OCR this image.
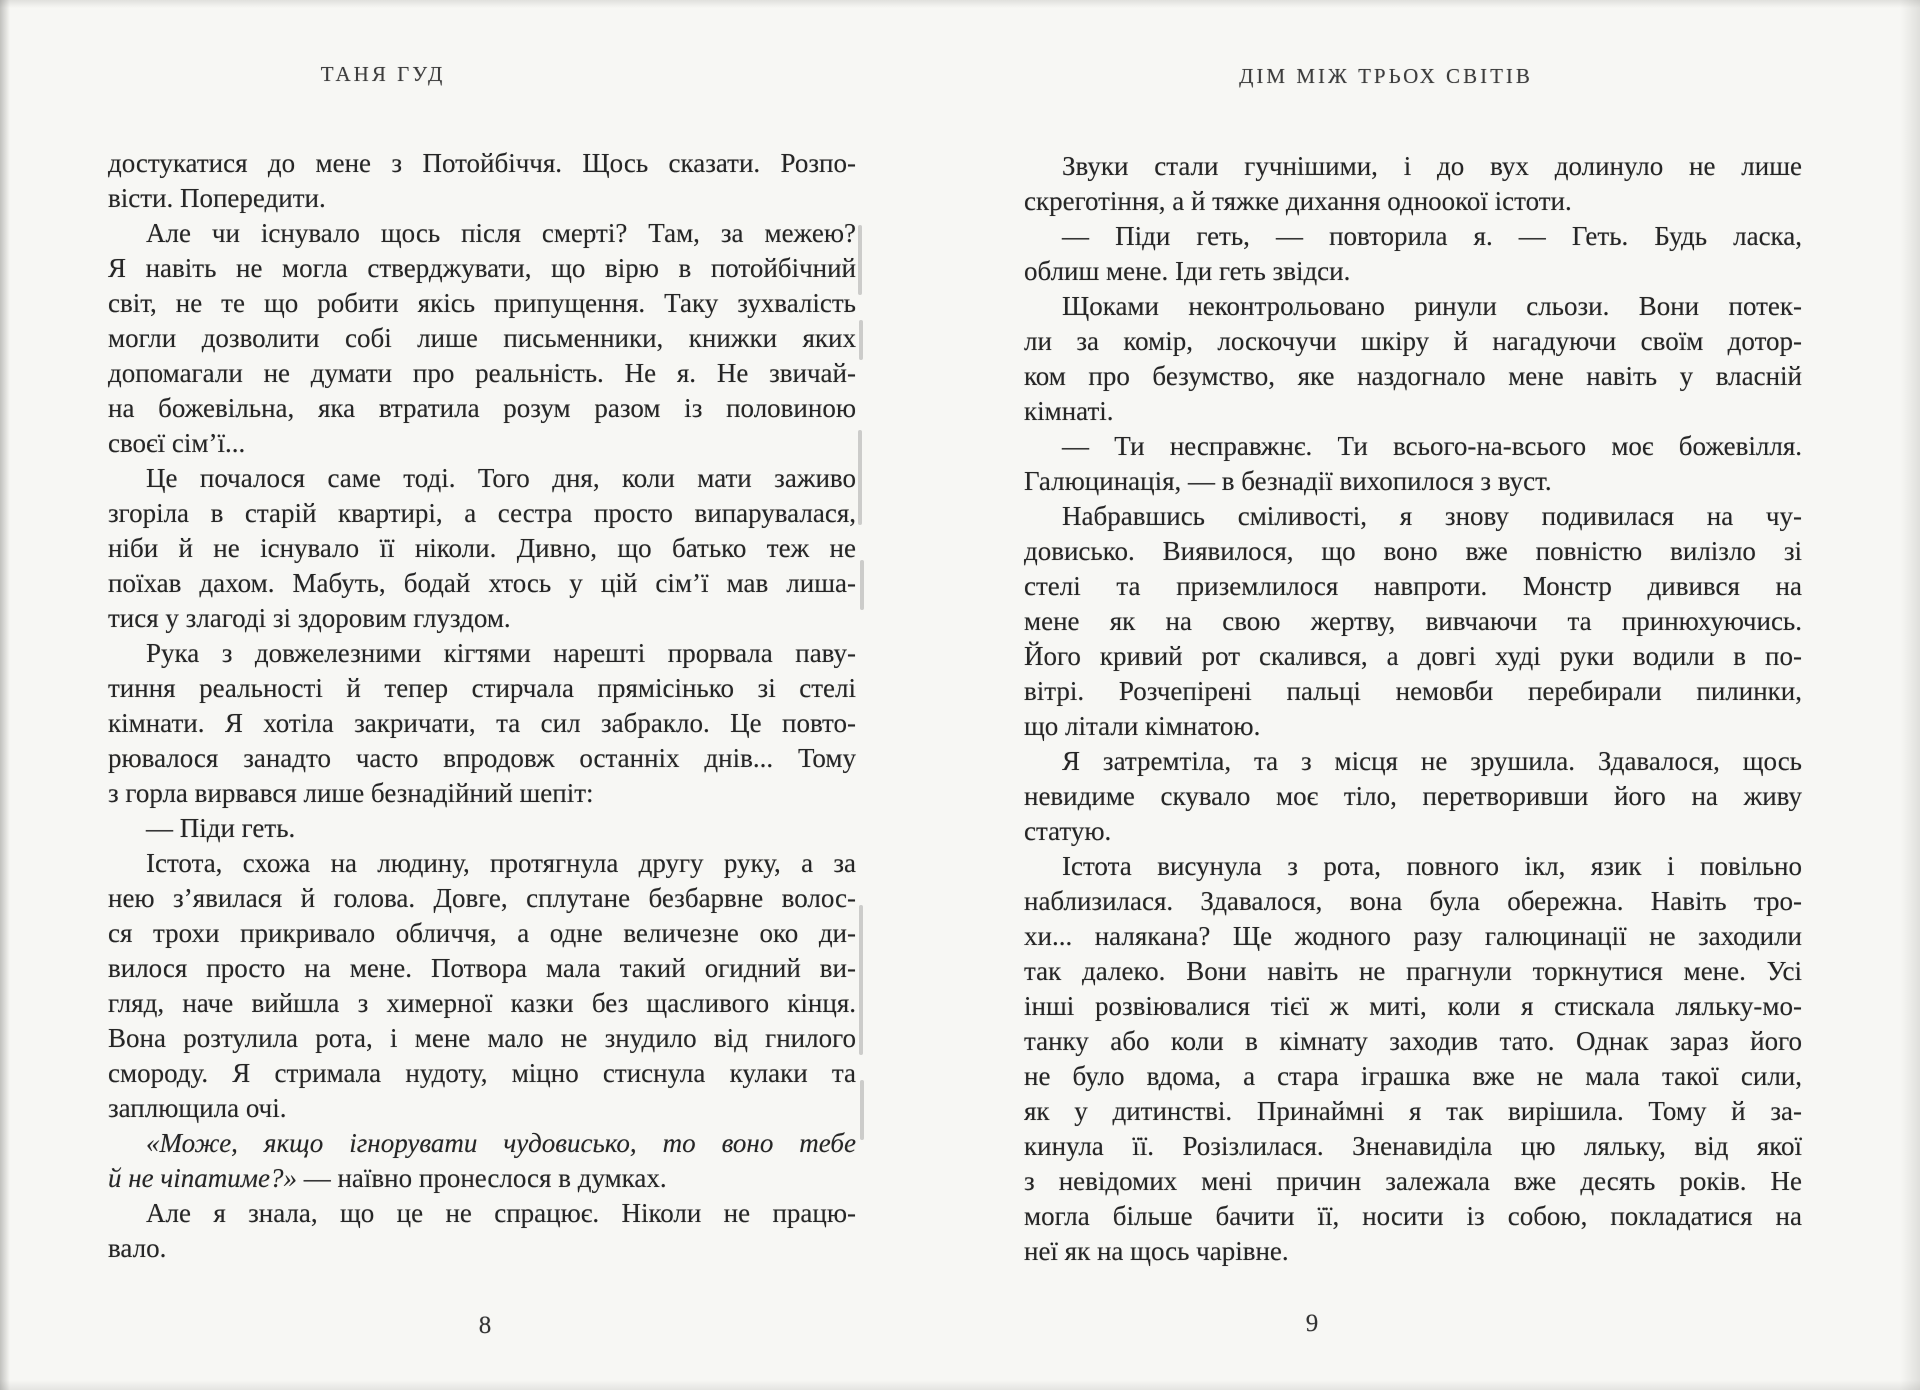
ТАНЯ ГУД
достукатися до мене з Потойбіччя. Щось сказати. Розпо-
вісти. Попередити.
Але чи існувало щось після смерті? Там, за межею?
Я навіть не могла стверджувати, що вірю в потойбічний
світ, не те що робити якісь припущення. Таку зухвалість
могли дозволити собі лише письменники, книжки яких
допомагали не думати про реальність. Не я. Не звичай-
на божевільна, яка втратила розум разом із половиною
своєї сім’ї...
Це почалося саме тоді. Того дня, коли мати заживо
згоріла в старій квартирі, а сестра просто випарувалася,
ніби й не існувало її ніколи. Дивно, що батько теж не
поїхав дахом. Мабуть, бодай хтось у цій сім’ї мав лиша-
тися у злагоді зі здоровим глуздом.
Рука з довжелезними кігтями нарешті прорвала паву-
тиння реальності й тепер стирчала прямісінько зі стелі
кімнати. Я хотіла закричати, та сил забракло. Це повто-
рювалося занадто часто впродовж останніх днів... Тому
з горла вирвався лише безнадійний шепіт:
— Піди геть.
Істота, схожа на людину, протягнула другу руку, а за
нею з’явилася й голова. Довге, сплутане безбарвне волос-
ся трохи прикривало обличчя, а одне величезне око ди-
вилося просто на мене. Потвора мала такий огидний ви-
гляд, наче вийшла з химерної казки без щасливого кінця.
Вона розтулила рота, і мене мало не знудило від гнилого
смороду. Я стримала нудоту, міцно стиснула кулаки та
заплющила очі.
«Може, якщо ігнорувати чудовисько, то воно тебе
й не чіпатиме?» — наївно пронеслося в думках.
Але я знала, що це не спрацює. Ніколи не працю-
вало.
8
ДІМ МІЖ ТРЬОХ СВІТІВ
Звуки стали гучнішими, і до вух долинуло не лише
скреготіння, а й тяжке дихання одноокої істоти.
— Піди геть, — повторила я. — Геть. Будь ласка,
облиш мене. Іди геть звідси.
Щоками неконтрольовано ринули сльози. Вони потек-
ли за комір, лоскочучи шкіру й нагадуючи своїм дотор-
ком про безумство, яке наздогнало мене навіть у власній
кімнаті.
— Ти несправжнє. Ти всього-на-всього моє божевілля.
Галюцинація, — в безнадії вихопилося з вуст.
Набравшись сміливості, я знову подивилася на чу-
довисько. Виявилося, що воно вже повністю вилізло зі
стелі та приземлилося навпроти. Монстр дивився на
мене як на свою жертву, вивчаючи та принюхуючись.
Його кривий рот скалився, а довгі худі руки водили в по-
вітрі. Розчепірені пальці немовби перебирали пилинки,
що літали кімнатою.
Я затремтіла, та з місця не зрушила. Здавалося, щось
невидиме скувало моє тіло, перетворивши його на живу
статую.
Істота висунула з рота, повного ікл, язик і повільно
наблизилася. Здавалося, вона була обережна. Навіть тро-
хи... налякана? Ще жодного разу галюцинації не заходили
так далеко. Вони навіть не прагнули торкнутися мене. Усі
інші розвіювалися тієї ж миті, коли я стискала ляльку-мо-
танку або коли в кімнату заходив тато. Однак зараз його
не було вдома, а стара іграшка вже не мала такої сили,
як у дитинстві. Принаймні я так вирішила. Тому й за-
кинула її. Розізлилася. Зненавиділа цю ляльку, від якої
з невідомих мені причин залежала вже десять років. Не
могла більше бачити її, носити із собою, покладатися на
неї як на щось чарівне.
9
